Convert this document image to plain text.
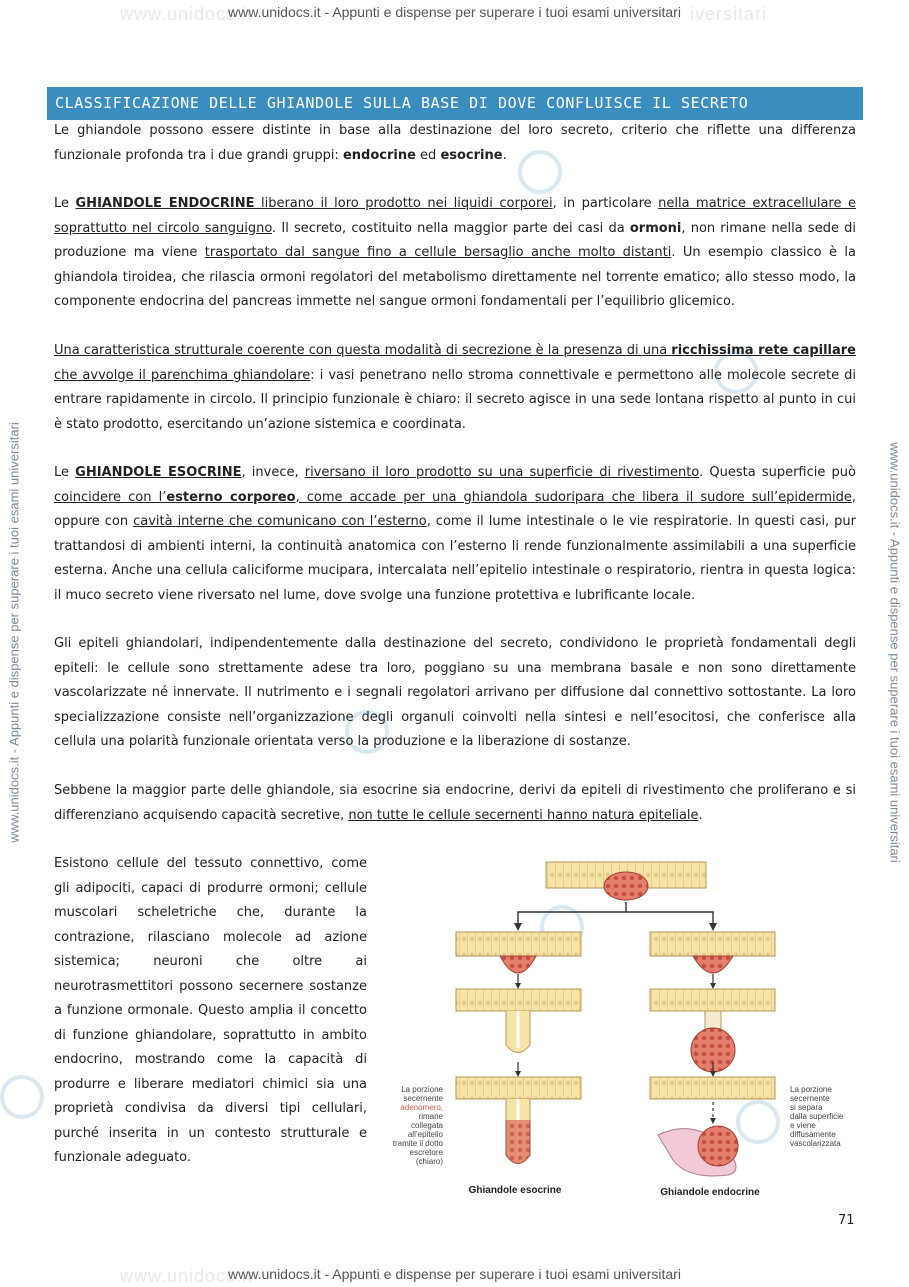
www.unidocs.it	iversitari
www.unidocs.it - Appunti e dispense per superare i tuoi esami universitari
www.unidocs.it - Appunti e dispense per superare i tuoi esami universitari	www.unidocs.it - Appunti e dispense per superare i tuoi esami universitari
CLASSIFICAZIONE DELLE GHIANDOLE SULLA BASE DI DOVE CONFLUISCE IL SECRETO

Le ghiandole possono essere distinte in base alla destinazione del loro secreto, criterio che riflette una differenza funzionale profonda tra i due grandi gruppi: endocrine ed esocrine.

Le GHIANDOLE ENDOCRINE liberano il loro prodotto nei liquidi corporei, in particolare nella matrice extracellulare e soprattutto nel circolo sanguigno. Il secreto, costituito nella maggior parte dei casi da ormoni, non rimane nella sede di produzione ma viene trasportato dal sangue fino a cellule bersaglio anche molto distanti. Un esempio classico è la ghiandola tiroidea, che rilascia ormoni regolatori del metabolismo direttamente nel torrente ematico; allo stesso modo, la componente endocrina del pancreas immette nel sangue ormoni fondamentali per l’equilibrio glicemico.

Una caratteristica strutturale coerente con questa modalità di secrezione è la presenza di una ricchissima rete capillare che avvolge il parenchima ghiandolare: i vasi penetrano nello stroma connettivale e permettono alle molecole secrete di entrare rapidamente in circolo. Il principio funzionale è chiaro: il secreto agisce in una sede lontana rispetto al punto in cui è stato prodotto, esercitando un’azione sistemica e coordinata.

Le GHIANDOLE ESOCRINE, invece, riversano il loro prodotto su una superficie di rivestimento. Questa superficie può coincidere con l’esterno corporeo, come accade per una ghiandola sudoripara che libera il sudore sull’epidermide, oppure con cavità interne che comunicano con l’esterno, come il lume intestinale o le vie respiratorie. In questi casi, pur trattandosi di ambienti interni, la continuità anatomica con l’esterno li rende funzionalmente assimilabili a una superficie esterna. Anche una cellula caliciforme mucipara, intercalata nell’epitelio intestinale o respiratorio, rientra in questa logica: il muco secreto viene riversato nel lume, dove svolge una funzione protettiva e lubrificante locale.

Gli epiteli ghiandolari, indipendentemente dalla destinazione del secreto, condividono le proprietà fondamentali degli epiteli: le cellule sono strettamente adese tra loro, poggiano su una membrana basale e non sono direttamente vascolarizzate né innervate. Il nutrimento e i segnali regolatori arrivano per diffusione dal connettivo sottostante. La loro specializzazione consiste nell’organizzazione degli organuli coinvolti nella sintesi e nell’esocitosi, che conferisce alla cellula una polarità funzionale orientata verso la produzione e la liberazione di sostanze.

Sebbene la maggior parte delle ghiandole, sia esocrine sia endocrine, derivi da epiteli di rivestimento che proliferano e si differenziano acquisendo capacità secretive, non tutte le cellule secernenti hanno natura epiteliale.

Esistono cellule del tessuto connettivo, come gli adipociti, capaci di produrre ormoni; cellule muscolari scheletriche che, durante la contrazione, rilasciano molecole ad azione sistemica; neuroni che oltre ai neurotrasmettitori possono secernere sostanze a funzione ormonale. Questo amplia il concetto di funzione ghiandolare, soprattutto in ambito endocrino, mostrando come la capacità di produrre e liberare mediatori chimici sia una proprietà condivisa da diversi tipi cellulari, purché inserita in un contesto strutturale e funzionale adeguato.

La porzione
secernente
adenomero,
rimane
collegata
all’epitelio
tramite il dotto
escretore
(chiaro)
La porzione
secernente
si separa
dalla superficie
e viene
diffusamente
vascolarizzata
Ghiandole esocrine	Ghiandole endocrine
71
www.unidocs.it
www.unidocs.it - Appunti e dispense per superare i tuoi esami universitari
